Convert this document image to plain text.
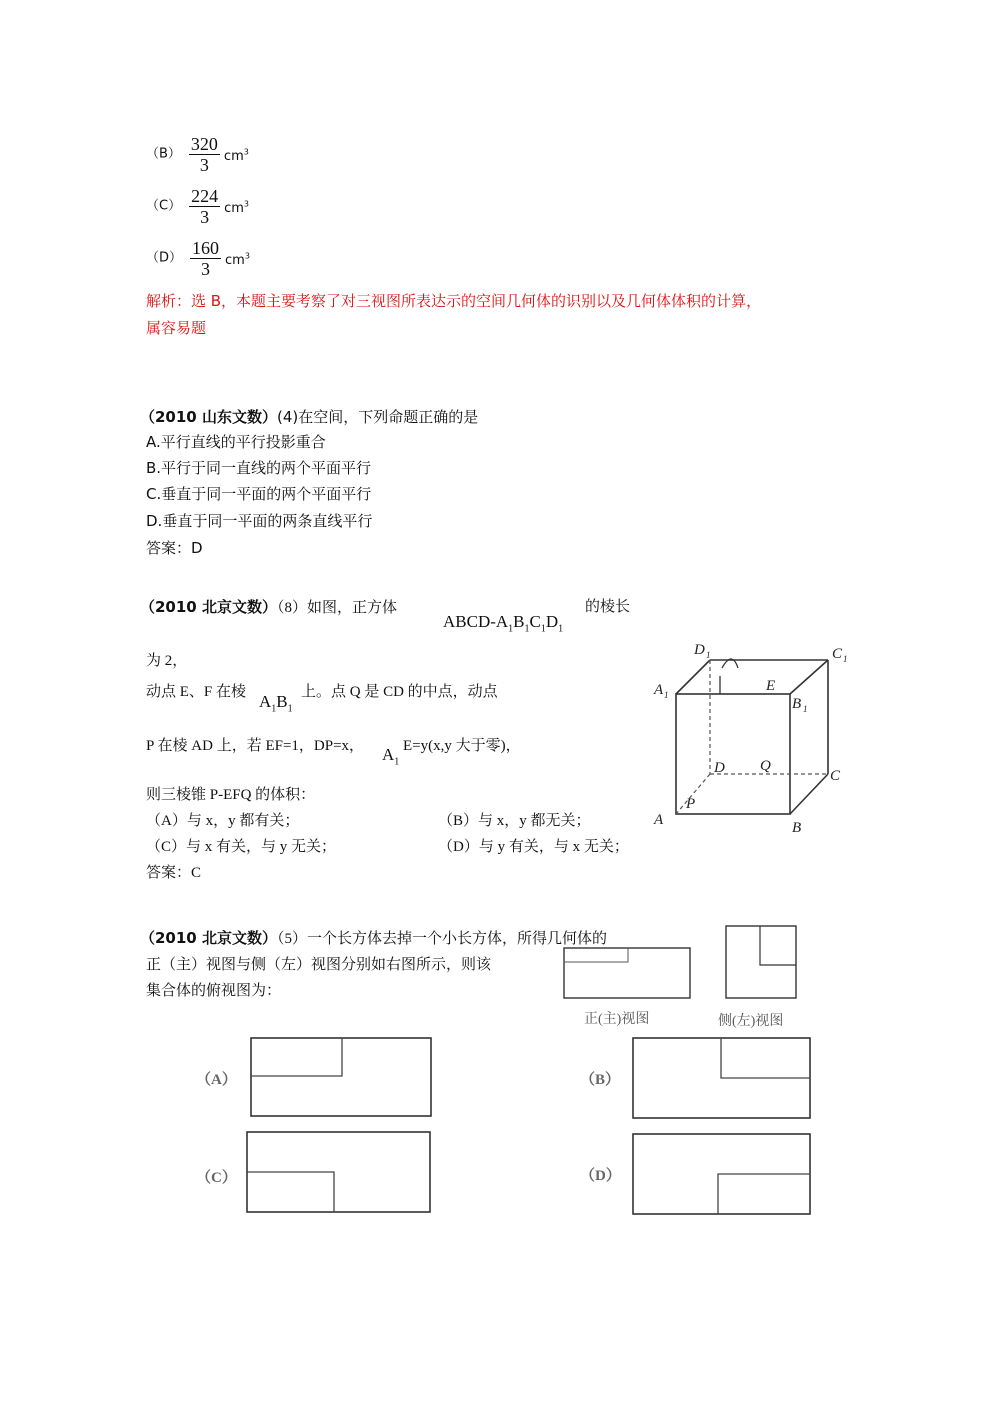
$(B) \frac{320}{3} cm^3$
$(C) \frac{224}{3} cm^3$
$(D) \frac{160}{3} cm^3$
解析：选 B，本题主要考察了对三视图所表达示的空间几何体的识别以及几何体体积的计算，
属容易题
（2010 山东文数）(4)在空间，下列命题正确的是
A.平行直线的平行投影重合
B.平行于同一直线的两个平面平行
C.垂直于同一平面的两个平面平行
D.垂直于同一平面的两条直线平行
答案：D
（2010 北京文数）（8）如图，正方体
ABCD-$A_1B_1C_1D_1$
的棱长
为 2，
动点 E、F 在棱 $A_1B_1$
上。点 Q 是 CD 的中点，动点
P 在棱 AD 上，若 EF=1，DP=x， $A_1$
E=y(x,y 大于零)，
则三棱锥 P-EFQ 的体积：
（A）与 x，y 都有关；	（B）与 x，y 都无关；
（C）与 x 有关，与 y 无关；	（D）与 y 有关，与 x 无关；
答案：C
D 1	C 1
A 1
E
B 1
D Q
C
P
A	B
（2010 北京文数）（5）一个长方体去掉一个小长方体，所得几何体的
正（主）视图与侧（左）视图分别如右图所示，则该
集合体的俯视图为：
正(主)视图	侧(左)视图
（A）	（B）
（C）	（D）
